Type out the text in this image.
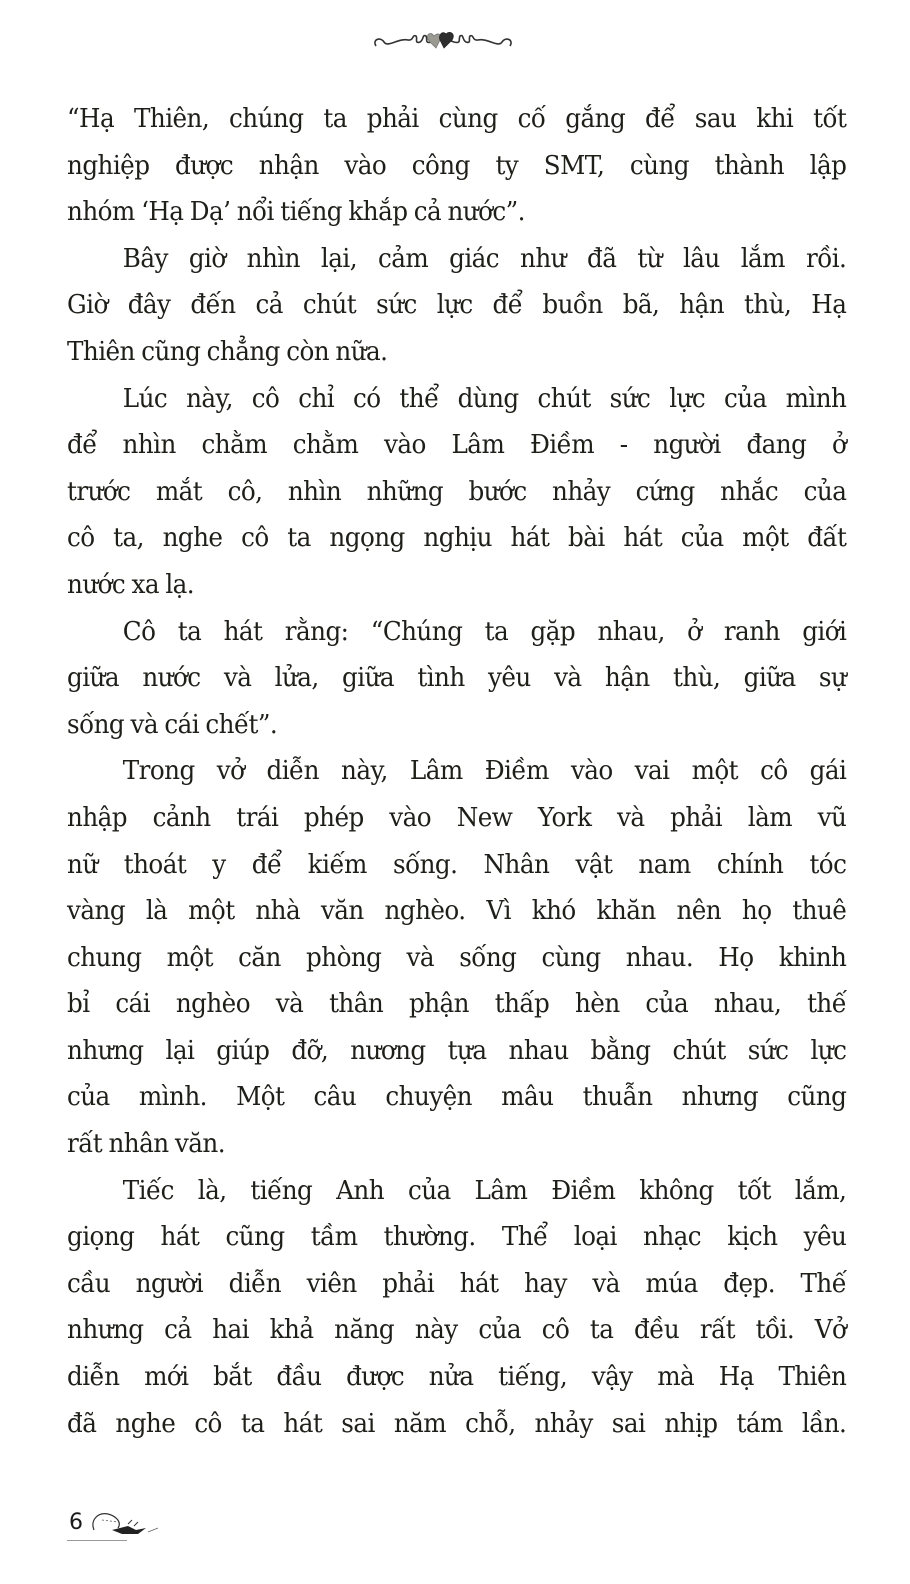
“Hạ Thiên, chúng ta phải cùng cố gắng để sau khi tốt
nghiệp được nhận vào công ty SMT, cùng thành lập
nhóm ‘Hạ Dạ’ nổi tiếng khắp cả nước”.
Bây giờ nhìn lại, cảm giác như đã từ lâu lắm rồi.
Giờ đây đến cả chút sức lực để buồn bã, hận thù, Hạ
Thiên cũng chẳng còn nữa.
Lúc này, cô chỉ có thể dùng chút sức lực của mình
để nhìn chằm chằm vào Lâm Điềm - người đang ở
trước mắt cô, nhìn những bước nhảy cứng nhắc của
cô ta, nghe cô ta ngọng nghịu hát bài hát của một đất
nước xa lạ.
Cô ta hát rằng: “Chúng ta gặp nhau, ở ranh giới
giữa nước và lửa, giữa tình yêu và hận thù, giữa sự
sống và cái chết”.
Trong vở diễn này, Lâm Điềm vào vai một cô gái
nhập cảnh trái phép vào New York và phải làm vũ
nữ thoát y để kiếm sống. Nhân vật nam chính tóc
vàng là một nhà văn nghèo. Vì khó khăn nên họ thuê
chung một căn phòng và sống cùng nhau. Họ khinh
bỉ cái nghèo và thân phận thấp hèn của nhau, thế
nhưng lại giúp đỡ, nương tựa nhau bằng chút sức lực
của mình. Một câu chuyện mâu thuẫn nhưng cũng
rất nhân văn.
Tiếc là, tiếng Anh của Lâm Điềm không tốt lắm,
giọng hát cũng tầm thường. Thể loại nhạc kịch yêu
cầu người diễn viên phải hát hay và múa đẹp. Thế
nhưng cả hai khả năng này của cô ta đều rất tồi. Vở
diễn mới bắt đầu được nửa tiếng, vậy mà Hạ Thiên
đã nghe cô ta hát sai năm chỗ, nhảy sai nhịp tám lần.
6
